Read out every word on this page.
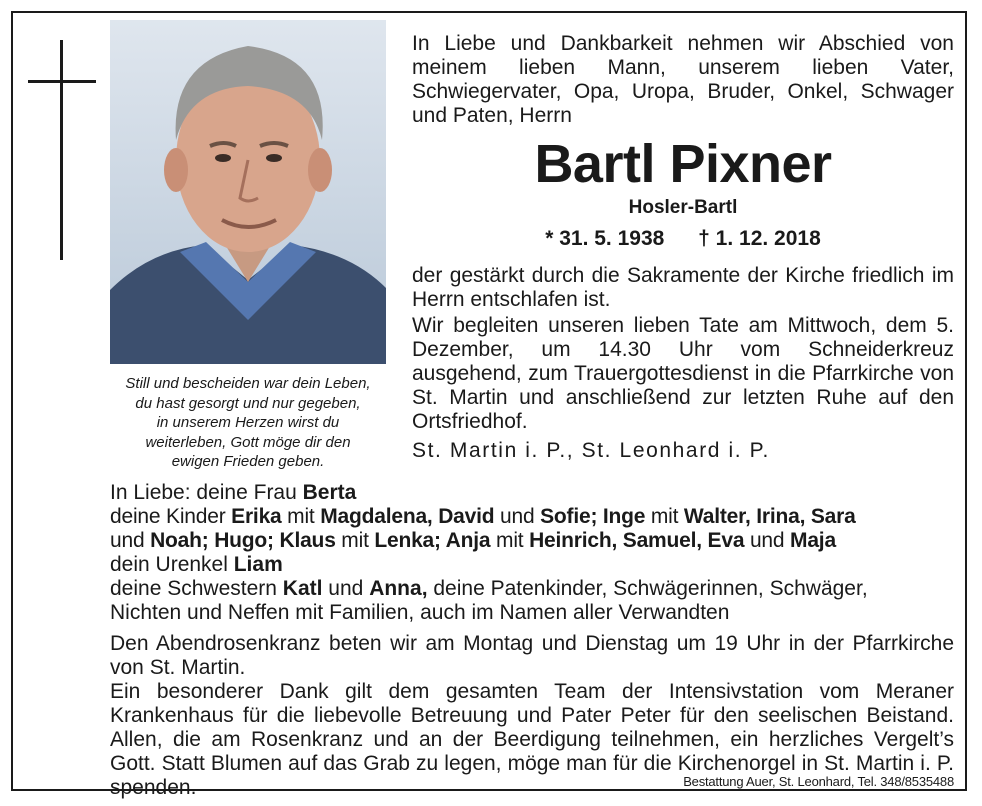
Still und bescheiden war dein Leben,
du hast gesorgt und nur gegeben,
in unserem Herzen wirst du
weiterleben, Gott möge dir den
ewigen Frieden geben.
In Liebe und Dankbarkeit nehmen wir Abschied von meinem lieben Mann, unserem lieben Vater, Schwiegervater, Opa, Uropa, Bruder, Onkel, Schwager und Paten, Herrn
Bartl Pixner
Hosler-Bartl
* 31. 5. 1938 † 1. 12. 2018
der gestärkt durch die Sakramente der Kirche friedlich im Herrn entschlafen ist.
Wir begleiten unseren lieben Tate am Mittwoch, dem 5. Dezember, um 14.30 Uhr vom Schneiderkreuz ausgehend, zum Trauergottesdienst in die Pfarrkirche von St. Martin und anschließend zur letzten Ruhe auf den Ortsfriedhof.
St. Martin i. P., St. Leonhard i. P.
In Liebe: deine Frau Berta
deine Kinder Erika mit Magdalena, David und Sofie; Inge mit Walter, Irina, Sara
und Noah; Hugo; Klaus mit Lenka; Anja mit Heinrich, Samuel, Eva und Maja
dein Urenkel Liam
deine Schwestern Katl und Anna, deine Patenkinder, Schwägerinnen, Schwäger,
Nichten und Neffen mit Familien, auch im Namen aller Verwandten
Den Abendrosenkranz beten wir am Montag und Dienstag um 19 Uhr in der Pfarrkirche von St. Martin.
Ein besonderer Dank gilt dem gesamten Team der Intensivstation vom Meraner Krankenhaus für die liebevolle Betreuung und Pater Peter für den seelischen Beistand. Allen, die am Rosenkranz und an der Beerdigung teilnehmen, ein herzliches Vergelt’s Gott. Statt Blumen auf das Grab zu legen, möge man für die Kirchenorgel in St. Martin i. P. spenden.	Bestattung Auer, St. Leonhard, Tel. 348/8535488
